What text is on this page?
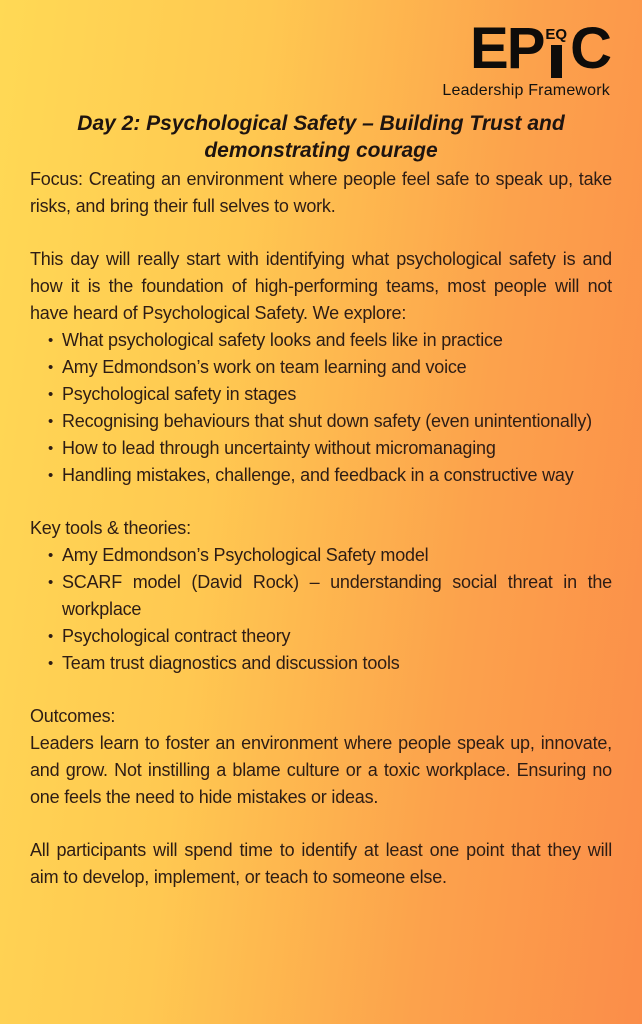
EP EQ C
Leadership Framework
Day 2: Psychological Safety – Building Trust and
demonstrating courage

Focus: Creating an environment where people feel safe to speak up, take risks, and bring their full selves to work.

This day will really start with identifying what psychological safety is and how it is the foundation of high-performing teams, most people will not have heard of Psychological Safety. We explore:

• What psychological safety looks and feels like in practice
• Amy Edmondson’s work on team learning and voice
• Psychological safety in stages
• Recognising behaviours that shut down safety (even unintentionally)
• How to lead through uncertainty without micromanaging
• Handling mistakes, challenge, and feedback in a constructive way

Key tools & theories:

• Amy Edmondson’s Psychological Safety model
• SCARF model (David Rock) – understanding social threat in the workplace
• Psychological contract theory
• Team trust diagnostics and discussion tools

Outcomes:

Leaders learn to foster an environment where people speak up, innovate, and grow. Not instilling a blame culture or a toxic workplace. Ensuring no one feels the need to hide mistakes or ideas.

All participants will spend time to identify at least one point that they will aim to develop, implement, or teach to someone else.
